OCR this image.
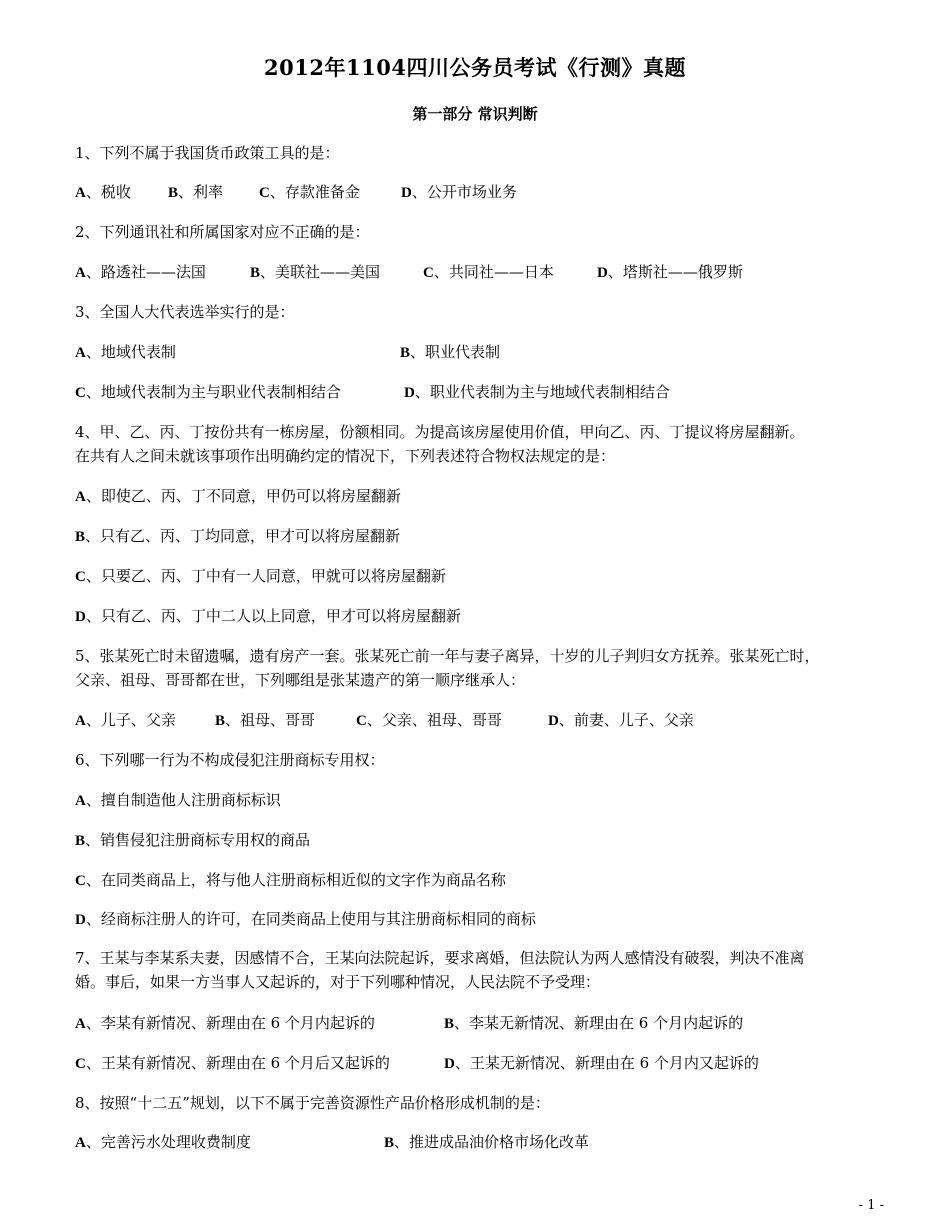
2012年1104四川公务员考试《行测》真题
第一部分 常识判断
1、下列不属于我国货币政策工具的是：
A、税收 B、利率 C、存款准备金	D、公开市场业务
2、下列通讯社和所属国家对应不正确的是：
A、路透社——法国	B、美联社——美国	C、共同社——日本	D、塔斯社——俄罗斯
3、全国人大代表选举实行的是：
A、地域代表制	B、职业代表制
C、地域代表制为主与职业代表制相结合	D、职业代表制为主与地域代表制相结合
4、甲、乙、丙、丁按份共有一栋房屋，份额相同。为提高该房屋使用价值，甲向乙、丙、丁提议将房屋翻新。
在共有人之间未就该事项作出明确约定的情况下，下列表述符合物权法规定的是：
A、即使乙、丙、丁不同意，甲仍可以将房屋翻新
B、只有乙、丙、丁均同意，甲才可以将房屋翻新
C、只要乙、丙、丁中有一人同意，甲就可以将房屋翻新
D、只有乙、丙、丁中二人以上同意，甲才可以将房屋翻新
5、张某死亡时未留遗嘱，遗有房产一套。张某死亡前一年与妻子离异，十岁的儿子判归女方抚养。张某死亡时，
父亲、祖母、哥哥都在世，下列哪组是张某遗产的第一顺序继承人：
A、儿子、父亲	B、祖母、哥哥	C、父亲、祖母、哥哥	D、前妻、儿子、父亲
6、下列哪一行为不构成侵犯注册商标专用权：
A、擅自制造他人注册商标标识
B、销售侵犯注册商标专用权的商品
C、在同类商品上，将与他人注册商标相近似的文字作为商品名称
D、经商标注册人的许可，在同类商品上使用与其注册商标相同的商标
7、王某与李某系夫妻，因感情不合，王某向法院起诉，要求离婚，但法院认为两人感情没有破裂，判决不准离
婚。事后，如果一方当事人又起诉的，对于下列哪种情况，人民法院不予受理：
A、李某有新情况、新理由在 6 个月内起诉的	B、李某无新情况、新理由在 6 个月内起诉的
C、王某有新情况、新理由在 6 个月后又起诉的	D、王某无新情况、新理由在 6 个月内又起诉的
8、按照“十二五”规划，以下不属于完善资源性产品价格形成机制的是：
A、完善污水处理收费制度	B、推进成品油价格市场化改革
- 1 -
